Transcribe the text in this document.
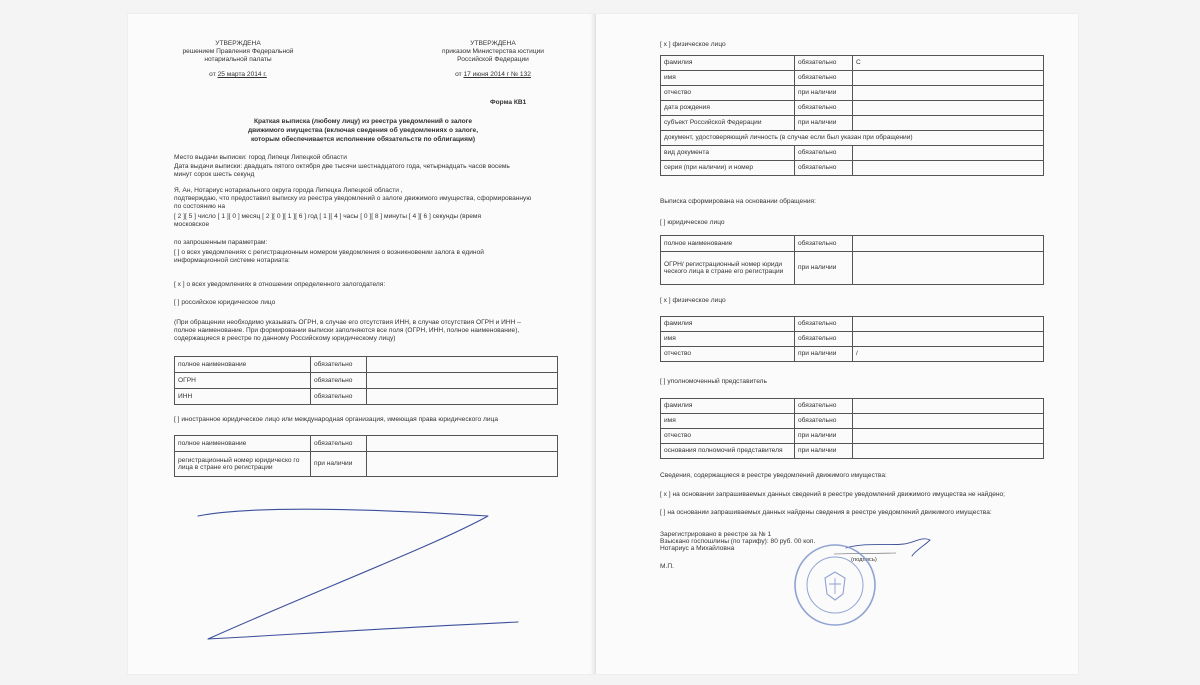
УТВЕРЖДЕНА
решением Правления Федеральной
нотариальной палаты
от 25 марта 2014 г.
УТВЕРЖДЕНА
приказом Министерства юстиции
Российской Федерации
от 17 июня 2014 г № 132
Форма КВ1
Краткая выписка (любому лицу) из реестра уведомлений о залоге
движимого имущества (включая сведения об уведомлениях о залоге,
которым обеспечивается исполнение обязательств по облигациям)
Место выдачи выписки: город Липецк Липецкой области
Дата выдачи выписки: двадцать пятого октября две тысячи шестнадцатого года, четырнадцать часов восемь
минут сорок шесть секунд
Я, Ан, Нотариус нотариального округа города Липецка Липецкой области ,
подтверждаю, что предоставил выписку из реестра уведомлений о залоге движимого имущества, сформированную
по состоянию на
[ 2 ][ 5 ] число [ 1 ][ 0 ] месяц [ 2 ][ 0 ][ 1 ][ 6 ] год [ 1 ][ 4 ] часы [ 0 ][ 8 ] минуты [ 4 ][ 6 ] секунды (время
московское
по запрошенным параметрам:
[ ] о всех уведомлениях с регистрационным номером уведомления о возникновении залога в единой
информационной системе нотариата:
[ х ] о всех уведомлениях в отношении определенного залогодателя:
[ ] российское юридическое лицо
(При обращении необходимо указывать ОГРН, в случае его отсутствия ИНН, в случае отсутствия ОГРН и ИНН –
полное наименование. При формировании выписки заполняются все поля (ОГРН, ИНН, полное наименование),
содержащиеся в реестре по данному Российскому юридическому лицу)
полное наименование	обязательно	
ОГРН	обязательно	
ИНН	обязательно	
[ ] иностранное юридическое лицо или международная организация, имеющая права юридического лица
полное наименование	обязательно	
регистрационный номер юридическо го лица в стране его регистрации	при наличии	
[ х ] физическое лицо
фамилия	обязательно	С
имя	обязательно	
отчество	при наличии	
дата рождения	обязательно	
субъект Российской Федерации	при наличии	
документ, удостоверяющий личность (в случае если был указан при обращении)		
вид документа	обязательно	
серия (при наличии) и номер	обязательно	
Выписка сформирована на основании обращения:
[ ] юридическое лицо
полное наименование	обязательно	
ОГРН/ регистрационный номер юриди ческого лица в стране его регистрации	при наличии	
[ х ] физическое лицо
фамилия	обязательно	
имя	обязательно	
отчество	при наличии	/
[ ] уполномоченный представитель
фамилия	обязательно	
имя	обязательно	
отчество	при наличии	
основания полномочий представителя	при наличии	
Сведения, содержащиеся в реестре уведомлений движимого имущества:
[ х ] на основании запрашиваемых данных сведений в реестре уведомлений движимого имущества не найдено;
[ ] на основании запрашиваемых данных найдены сведения в реестре уведомлений движимого имущества:
Зарегистрировано в реестре за № 1
Взыскано госпошлины (по тарифу): 80 руб. 00 коп.
Нотариус а Михайловна
(подпись)
М.П.
